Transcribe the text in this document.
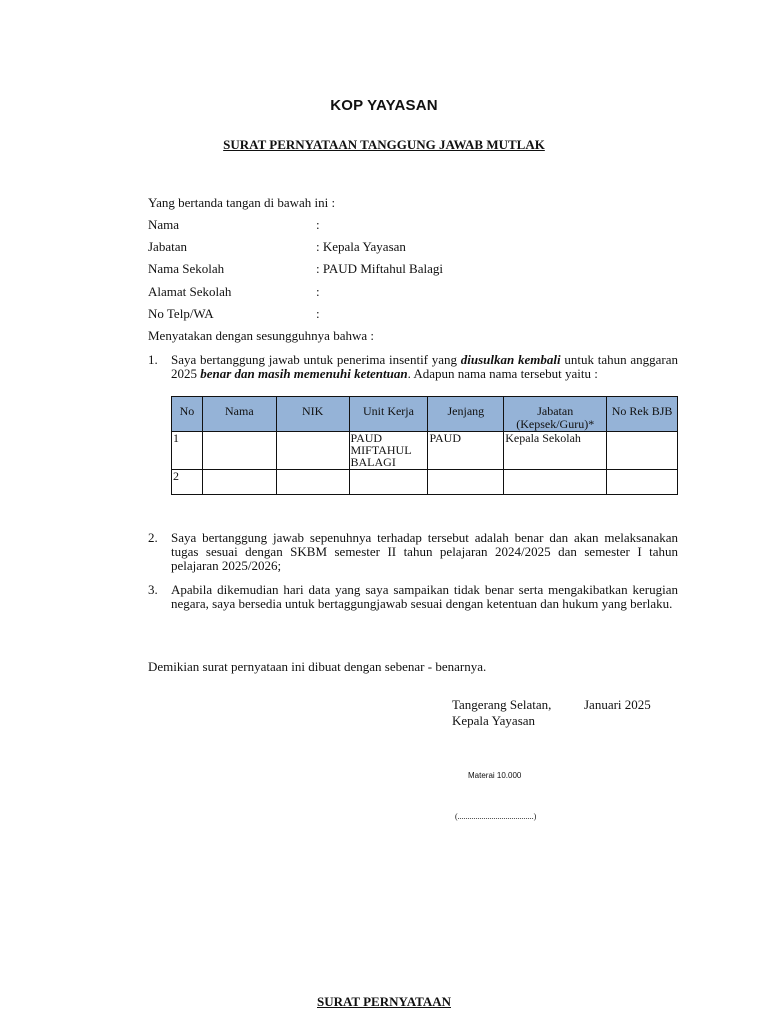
KOP YAYASAN
SURAT PERNYATAAN TANGGUNG JAWAB MUTLAK
Yang bertanda tangan di bawah ini :
Nama	:
Jabatan	: Kepala Yayasan
Nama Sekolah	: PAUD Miftahul Balagi
Alamat Sekolah	:
No Telp/WA	:
Menyatakan dengan sesungguhnya bahwa :
1. Saya bertanggung jawab untuk penerima insentif yang diusulkan kembali untuk tahun anggaran 2025 benar dan masih memenuhi ketentuan. Adapun nama nama tersebut yaitu :
No	Nama	NIK	Unit Kerja	Jenjang	Jabatan (Kepsek/Guru)*	No Rek BJB
1			PAUD MIFTAHUL BALAGI	PAUD	Kepala Sekolah	
2						
2. Saya bertanggung jawab sepenuhnya terhadap tersebut adalah benar dan akan melaksanakan tugas sesuai dengan SKBM semester II tahun pelajaran 2024/2025 dan semester I tahun pelajaran 2025/2026;
3. Apabila dikemudian hari data yang saya sampaikan tidak benar serta mengakibatkan kerugian negara, saya bersedia untuk bertaggungjawab sesuai dengan ketentuan dan hukum yang berlaku.
Demikian surat pernyataan ini dibuat dengan sebenar - benarnya.
Tangerang Selatan,	Januari 2025
Kepala Yayasan
Materai 10.000
(......................................)
SURAT PERNYATAAN
